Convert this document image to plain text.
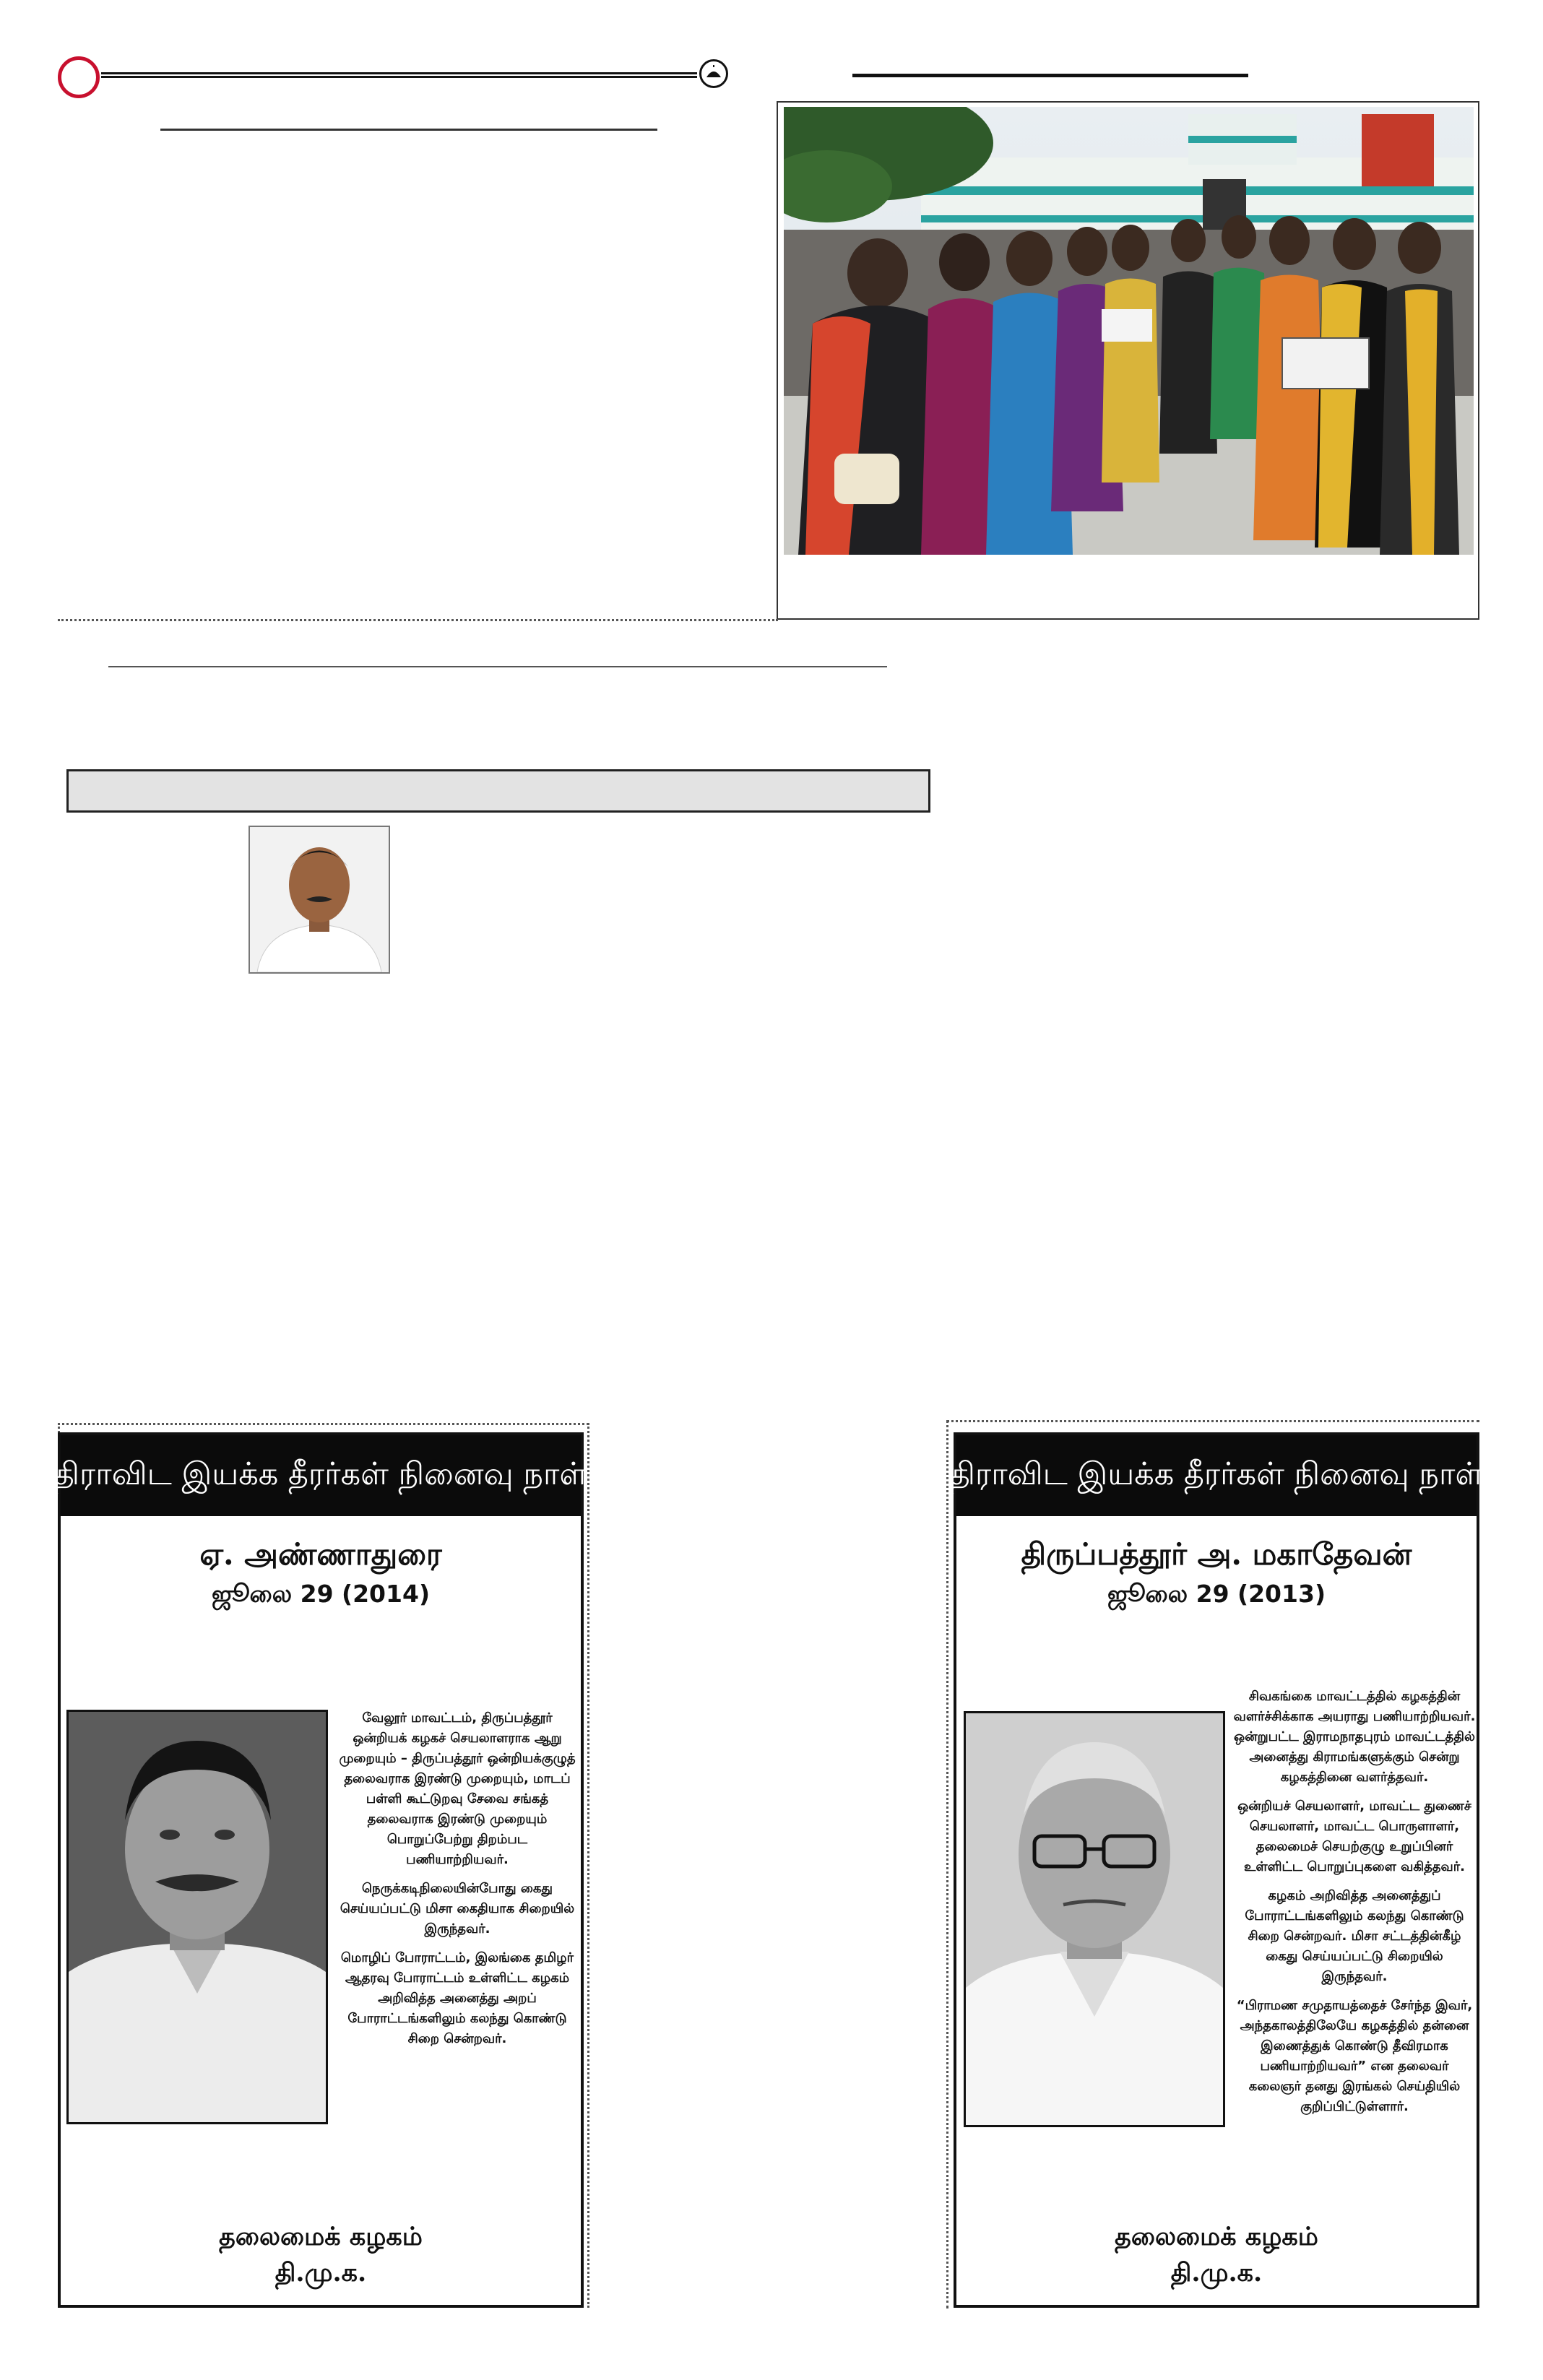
திராவிட இயக்க தீரர்கள் நினைவு நாள்
ஏ. அண்ணாதுரை
ஜூலை 29 (2014)

வேலூர் மாவட்டம், திருப்பத்தூர் ஒன்றியக் கழகச் செயலாளராக ஆறு முறையும் – திருப்பத்தூர் ஒன்றியக்குழுத் தலைவராக இரண்டு முறையும், மாடப் பள்ளி கூட்டுறவு சேவை சங்கத் தலைவராக இரண்டு முறையும் பொறுப்பேற்று திறம்பட பணியாற்றியவர்.

நெருக்கடிநிலையின்போது கைது செய்யப்பட்டு மிசா கைதியாக சிறையில் இருந்தவர்.

மொழிப் போராட்டம், இலங்கை தமிழர் ஆதரவு போராட்டம் உள்ளிட்ட கழகம் அறிவித்த அனைத்து அறப் போராட்டங்களிலும் கலந்து கொண்டு சிறை சென்றவர்.

தலைமைக் கழகம்
தி.மு.க.
திராவிட இயக்க தீரர்கள் நினைவு நாள்
திருப்பத்தூர் அ. மகாதேவன்
ஜூலை 29 (2013)

சிவகங்கை மாவட்டத்தில் கழகத்தின் வளர்ச்சிக்காக அயராது பணியாற்றியவர். ஒன்றுபட்ட இராமநாதபுரம் மாவட்டத்தில் அனைத்து கிராமங்களுக்கும் சென்று கழகத்தினை வளர்த்தவர்.

ஒன்றியச் செயலாளர், மாவட்ட துணைச் செயலாளர், மாவட்ட பொருளாளர், தலைமைச் செயற்குழு உறுப்பினர் உள்ளிட்ட பொறுப்புகளை வகித்தவர்.

கழகம் அறிவித்த அனைத்துப் போராட்டங்களிலும் கலந்து கொண்டு சிறை சென்றவர். மிசா சட்டத்தின்கீழ் கைது செய்யப்பட்டு சிறையில் இருந்தவர்.

“பிராமண சமுதாயத்தைச் சேர்ந்த இவர், அந்தகாலத்திலேயே கழகத்தில் தன்னை இணைத்துக் கொண்டு தீவிரமாக பணியாற்றியவர்” என தலைவர் கலைஞர் தனது இரங்கல் செய்தியில் குறிப்பிட்டுள்ளார்.

தலைமைக் கழகம்
தி.மு.க.
